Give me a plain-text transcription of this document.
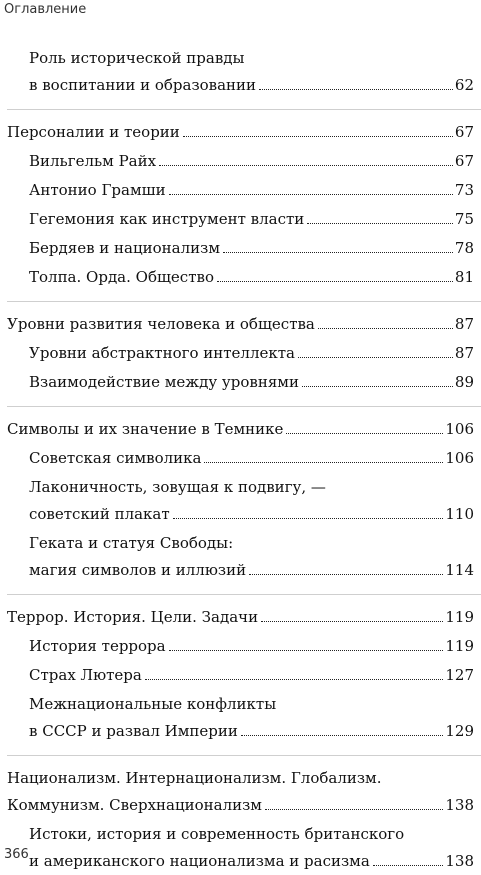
Оглавление
Роль исторической правды
в воспитании и образовании	62
Персоналии и теории	67
Вильгельм Райх	67
Антонио Грамши	73
Гегемония как инструмент власти	75
Бердяев и национализм	78
Толпа. Орда. Общество	81
Уровни развития человека и общества	87
Уровни абстрактного интеллекта	87
Взаимодействие между уровнями	89
Символы и их значение в Темнике	106
Советская символика	106
Лаконичность, зовущая к подвигу, —
советский плакат	110
Геката и статуя Свободы:
магия символов и иллюзий	114
Террор. История. Цели. Задачи	119
История террора	119
Страх Лютера	127
Межнациональные конфликты
в СССР и развал Империи	129
Национализм. Интернационализм. Глобализм.
Коммунизм. Сверхнационализм	138
Истоки, история и современность британского
и американского национализма и расизма	138
366
